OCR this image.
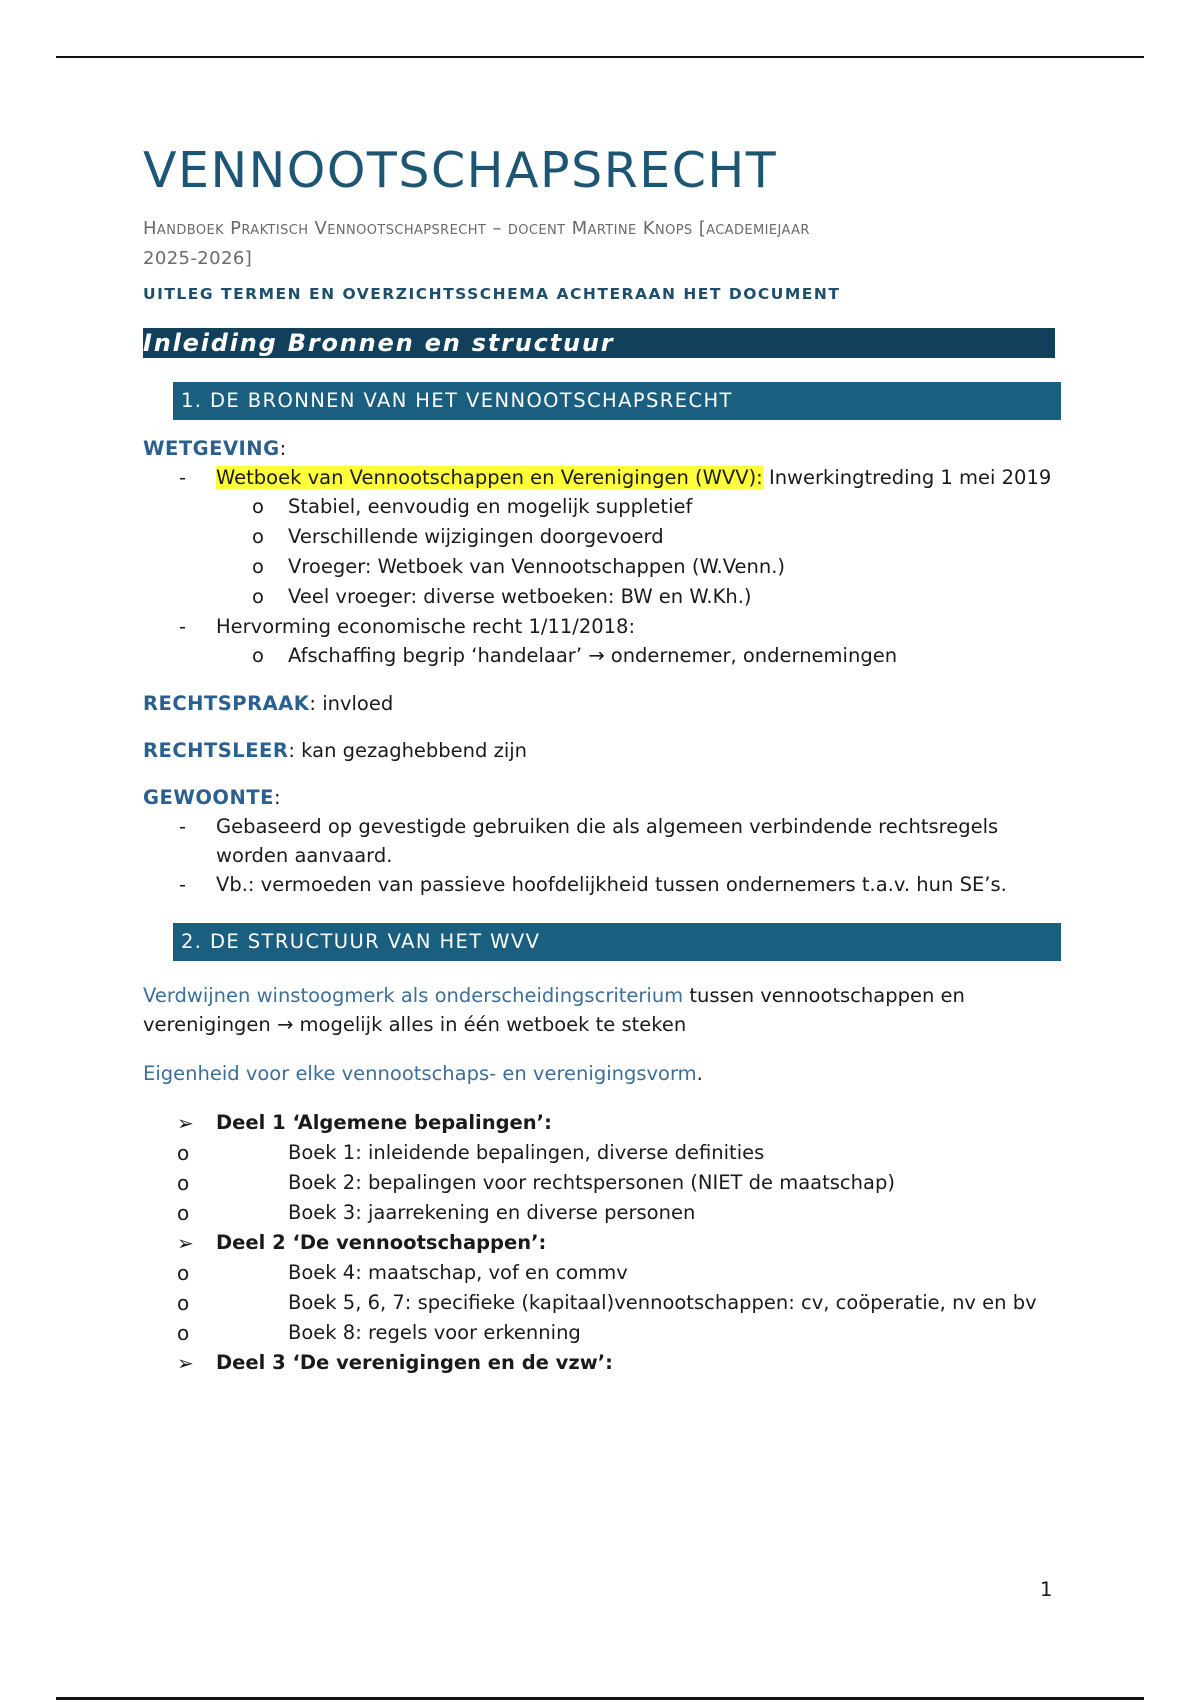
VENNOOTSCHAPSRECHT
Handboek Praktisch Vennootschapsrecht – docent Martine Knops [academiejaar
2025-2026]
UITLEG TERMEN EN OVERZICHTSSCHEMA ACHTERAAN HET DOCUMENT
Inleiding Bronnen en structuur
1. DE BRONNEN VAN HET VENNOOTSCHAPSRECHT
WETGEVING:
- Wetboek van Vennootschappen en Verenigingen (WVV): Inwerkingtreding 1 mei 2019
o Stabiel, eenvoudig en mogelijk suppletief
o Verschillende wijzigingen doorgevoerd
o Vroeger: Wetboek van Vennootschappen (W.Venn.)
o Veel vroeger: diverse wetboeken: BW en W.Kh.)
- Hervorming economische recht 1/11/2018:
o Afschaffing begrip ‘handelaar’ → ondernemer, ondernemingen
RECHTSPRAAK: invloed
RECHTSLEER: kan gezaghebbend zijn
GEWOONTE:
- Gebaseerd op gevestigde gebruiken die als algemeen verbindende rechtsregels worden aanvaard.
- Vb.: vermoeden van passieve hoofdelijkheid tussen ondernemers t.a.v. hun SE’s.
2. DE STRUCTUUR VAN HET WVV
Verdwijnen winstoogmerk als onderscheidingscriterium tussen vennootschappen en verenigingen → mogelijk alles in één wetboek te steken
Eigenheid voor elke vennootschaps- en verenigingsvorm.
➢ Deel 1 ‘Algemene bepalingen’:
o	Boek 1: inleidende bepalingen, diverse definities
o	Boek 2: bepalingen voor rechtspersonen (NIET de maatschap)
o	Boek 3: jaarrekening en diverse personen
➢ Deel 2 ‘De vennootschappen’:
o	Boek 4: maatschap, vof en commv
o	Boek 5, 6, 7: specifieke (kapitaal)vennootschappen: cv, coöperatie, nv en bv
o	Boek 8: regels voor erkenning
➢ Deel 3 ‘De verenigingen en de vzw’:
1
